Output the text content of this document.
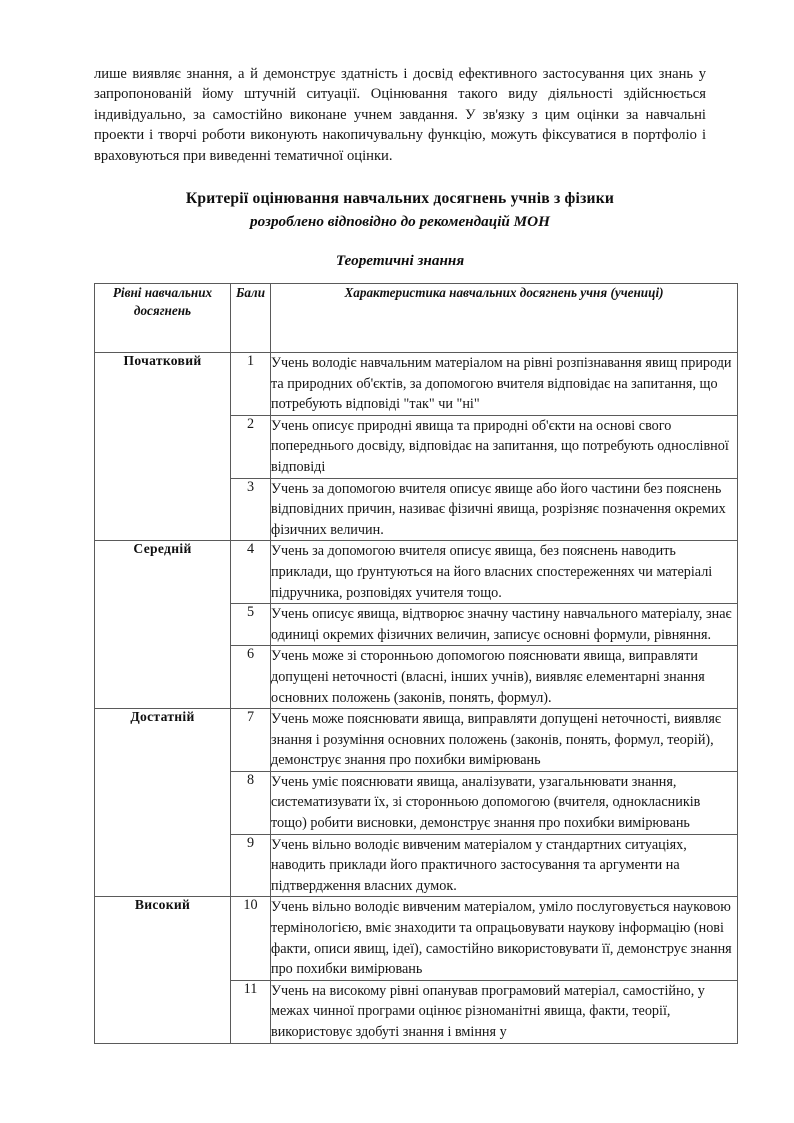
лише виявляє знання, а й демонструє здатність і досвід ефективного застосування цих знань у запропонованій йому штучній ситуації. Оцінювання такого виду діяльності здійснюється індивідуально, за самостійно виконане учнем завдання. У зв'язку з цим оцінки за навчальні проекти і творчі роботи виконують накопичувальну функцію, можуть фіксуватися в портфоліо і враховуються при виведенні тематичної оцінки.

Критерії оцінювання навчальних досягнень учнів з фізики
розроблено відповідно до рекомендацій МОН
Теоретичні знання
Рівні навчальних досягнень	Бали	Характеристика навчальних досягнень учня (учениці)
Початковий	1	Учень володіє навчальним матеріалом на рівні розпізнавання явищ природи та природних об'єктів, за допомогою вчителя відповідає на запитання, що потребують відповіді "так" чи "ні"
	2	Учень описує природні явища та природні об'єкти на основі свого попереднього досвіду, відповідає на запитання, що потребують однослівної відповіді
	3	Учень за допомогою вчителя описує явище або його частини без пояснень відповідних причин, називає фізичні явища, розрізняє позначення окремих фізичних величин.
Середній	4	Учень за допомогою вчителя описує явища, без пояснень наводить приклади, що ґрунтуються на його власних спостереженнях чи матеріалі підручника, розповідях учителя тощо.
	5	Учень описує явища, відтворює значну частину навчального матеріалу, знає одиниці окремих фізичних величин, записує основні формули, рівняння.
	6	Учень може зі сторонньою допомогою пояснювати явища, виправляти допущені неточності (власні, інших учнів), виявляє елементарні знання основних положень (законів, понять, формул).
Достатній	7	Учень може пояснювати явища, виправляти допущені неточності, виявляє знання і розуміння основних положень (законів, понять, формул, теорій), демонструє знання про похибки вимірювань
	8	Учень уміє пояснювати явища, аналізувати, узагальнювати знання, систематизувати їх, зі сторонньою допомогою (вчителя, однокласників тощо) робити висновки, демонструє знання про похибки вимірювань
	9	Учень вільно володіє вивченим матеріалом у стандартних ситуаціях, наводить приклади його практичного застосування та аргументи на підтвердження власних думок.
Високий	10	Учень вільно володіє вивченим матеріалом, уміло послуговується науковою термінологією, вміє знаходити та опрацьовувати наукову інформацію (нові факти, описи явищ, ідеї), самостійно використовувати її, демонструє знання про похибки вимірювань
	11	Учень на високому рівні опанував програмовий матеріал, самостійно, у межах чинної програми оцінює різноманітні явища, факти, теорії, використовує здобуті знання і вміння у
